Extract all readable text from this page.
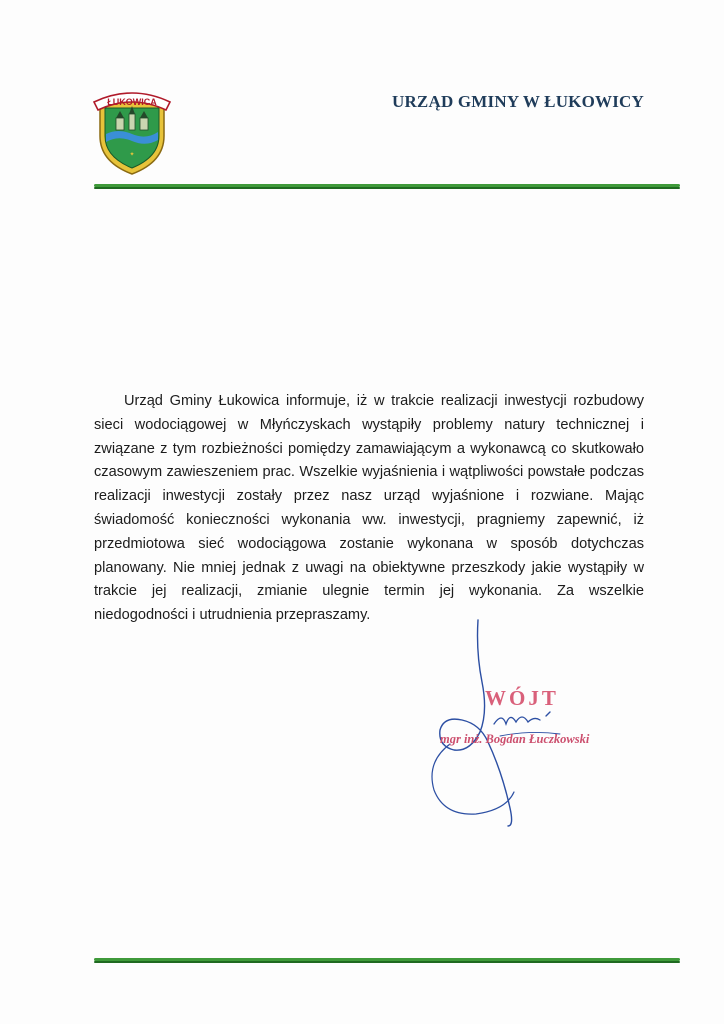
ŁUKOWICA
✦
URZĄD GMINY W ŁUKOWICY

Urząd Gminy Łukowica informuje, iż w trakcie realizacji inwestycji rozbudowy sieci wodociągowej w Młyńczyskach wystąpiły problemy natury technicznej i związane z tym rozbieżności pomiędzy zamawiającym a wykonawcą co skutkowało czasowym zawieszeniem prac. Wszelkie wyjaśnienia i wątpliwości powstałe podczas realizacji inwestycji zostały przez nasz urząd wyjaśnione i rozwiane. Mając świadomość konieczności wykonania ww. inwestycji, pragniemy zapewnić, iż przedmiotowa sieć wodociągowa zostanie wykonana w sposób dotychczas planowany. Nie mniej jednak z uwagi na obiektywne przeszkody jakie wystąpiły w trakcie jej realizacji, zmianie ulegnie termin jej wykonania. Za wszelkie niedogodności i utrudnienia przepraszamy.

WÓJT
mgr inż. Bogdan Łuczkowski
